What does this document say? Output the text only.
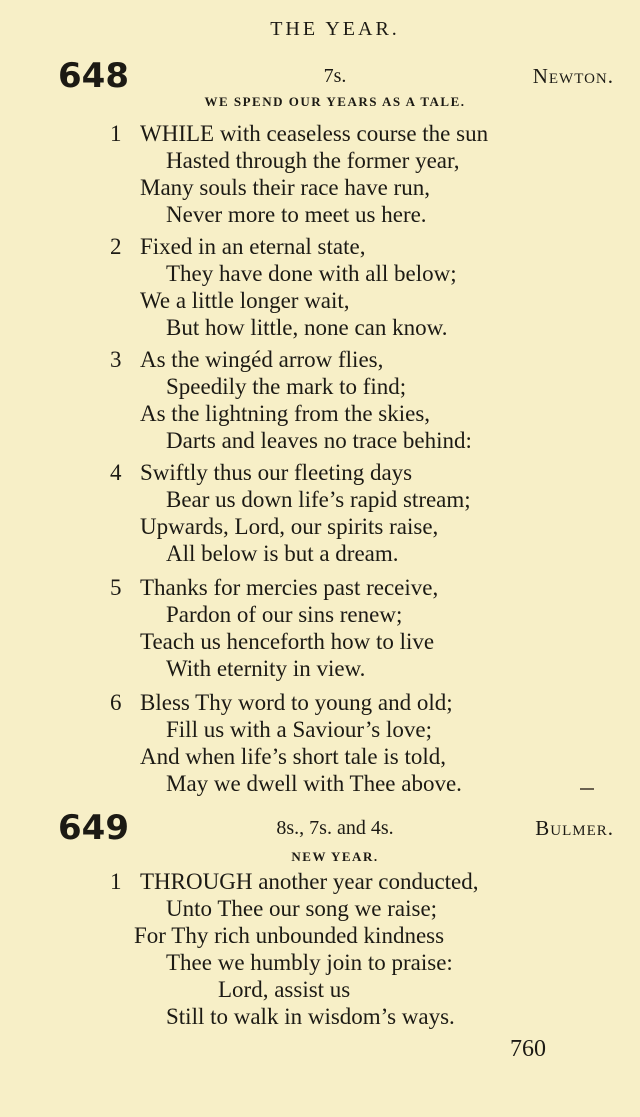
THE YEAR.
648	7s.	Newton.
WE SPEND OUR YEARS AS A TALE.
1 WHILE with ceaseless course the sun
Hasted through the former year,
Many souls their race have run,
Never more to meet us here.
2 Fixed in an eternal state,
They have done with all below;
We a little longer wait,
But how little, none can know.
3 As the wingéd arrow flies,
Speedily the mark to find;
As the lightning from the skies,
Darts and leaves no trace behind:
4 Swiftly thus our fleeting days
Bear us down life’s rapid stream;
Upwards, Lord, our spirits raise,
All below is but a dream.
5 Thanks for mercies past receive,
Pardon of our sins renew;
Teach us henceforth how to live
With eternity in view.
6 Bless Thy word to young and old;
Fill us with a Saviour’s love;
And when life’s short tale is told,
May we dwell with Thee above.
649	8s., 7s. and 4s.	Bulmer.
NEW YEAR.
1 THROUGH another year conducted,
Unto Thee our song we raise;
For Thy rich unbounded kindness
Thee we humbly join to praise:
Lord, assist us
Still to walk in wisdom’s ways.
760
